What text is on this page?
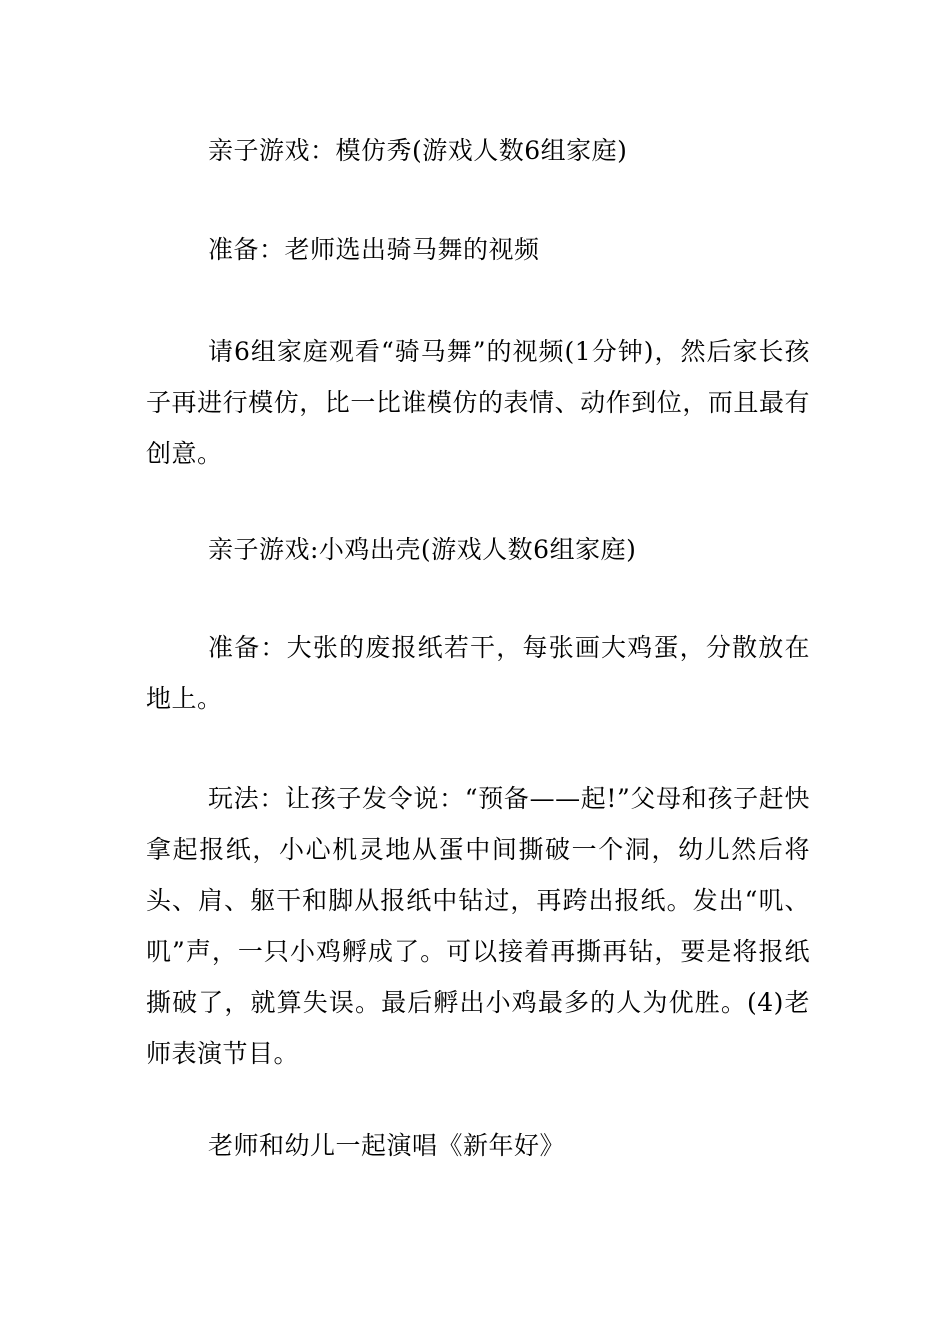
亲子游戏：模仿秀(游戏人数6组家庭)

准备：老师选出骑马舞的视频

请6组家庭观看“骑马舞”的视频(1分钟)，然后家长孩子再进行模仿，比一比谁模仿的表情、动作到位，而且最有创意。

亲子游戏:小鸡出壳(游戏人数6组家庭)

准备：大张的废报纸若干，每张画大鸡蛋，分散放在地上。

玩法：让孩子发令说：“预备——起!”父母和孩子赶快拿起报纸，小心机灵地从蛋中间撕破一个洞，幼儿然后将头、肩、躯干和脚从报纸中钻过，再跨出报纸。发出“叽、叽”声，一只小鸡孵成了。可以接着再撕再钻，要是将报纸撕破了，就算失误。最后孵出小鸡最多的人为优胜。(4)老师表演节目。

老师和幼儿一起演唱《新年好》
